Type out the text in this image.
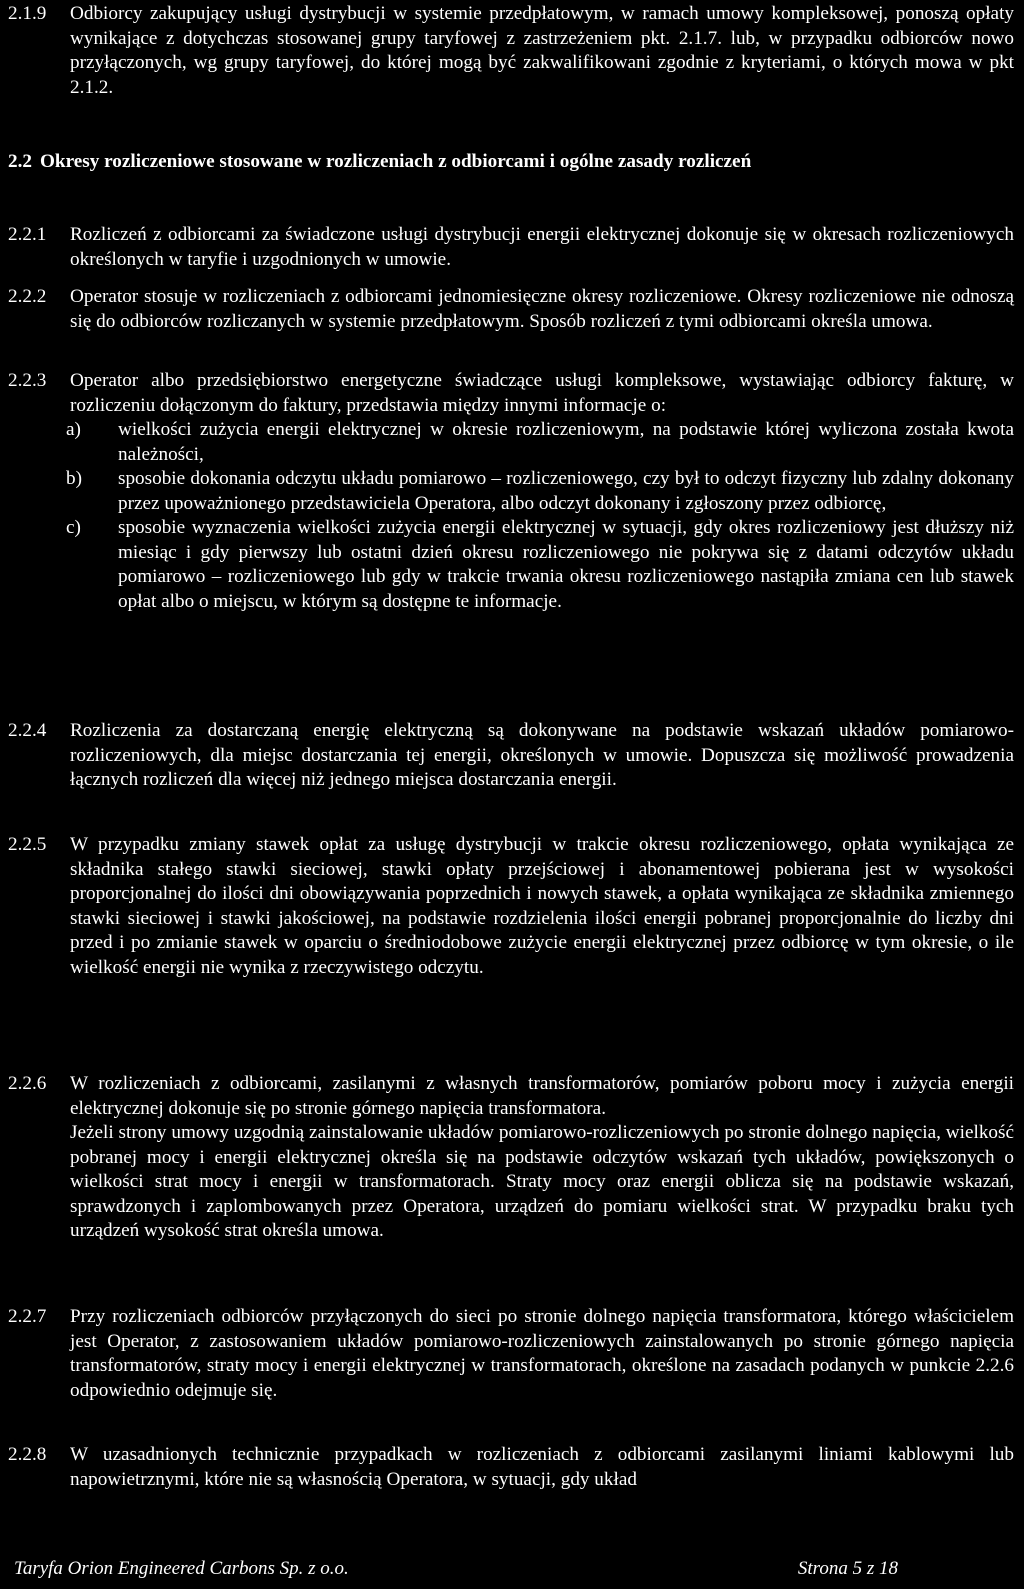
2.1.9 Odbiorcy zakupujący usługi dystrybucji w systemie przedpłatowym, w ramach umowy kompleksowej, ponoszą opłaty wynikające z dotychczas stosowanej grupy taryfowej z zastrzeżeniem pkt. 2.1.7. lub, w przypadku odbiorców nowo przyłączonych, wg grupy taryfowej, do której mogą być zakwalifikowani zgodnie z kryteriami, o których mowa w pkt 2.1.2.
2.2 Okresy rozliczeniowe stosowane w rozliczeniach z odbiorcami i ogólne zasady rozliczeń
2.2.1 Rozliczeń z odbiorcami za świadczone usługi dystrybucji energii elektrycznej dokonuje się w okresach rozliczeniowych określonych w taryfie i uzgodnionych w umowie.
2.2.2 Operator stosuje w rozliczeniach z odbiorcami jednomiesięczne okresy rozliczeniowe. Okresy rozliczeniowe nie odnoszą się do odbiorców rozliczanych w systemie przedpłatowym. Sposób rozliczeń z tymi odbiorcami określa umowa.
2.2.3 Operator albo przedsiębiorstwo energetyczne świadczące usługi kompleksowe, wystawiając odbiorcy fakturę, w rozliczeniu dołączonym do faktury, przedstawia między innymi informacje o:
a) wielkości zużycia energii elektrycznej w okresie rozliczeniowym, na podstawie której wyliczona została kwota należności,
b) sposobie dokonania odczytu układu pomiarowo – rozliczeniowego, czy był to odczyt fizyczny lub zdalny dokonany przez upoważnionego przedstawiciela Operatora, albo odczyt dokonany i zgłoszony przez odbiorcę,
c) sposobie wyznaczenia wielkości zużycia energii elektrycznej w sytuacji, gdy okres rozliczeniowy jest dłuższy niż miesiąc i gdy pierwszy lub ostatni dzień okresu rozliczeniowego nie pokrywa się z datami odczytów układu pomiarowo – rozliczeniowego lub gdy w trakcie trwania okresu rozliczeniowego nastąpiła zmiana cen lub stawek opłat albo o miejscu, w którym są dostępne te informacje.
2.2.4 Rozliczenia za dostarczaną energię elektryczną są dokonywane na podstawie wskazań układów pomiarowo-rozliczeniowych, dla miejsc dostarczania tej energii, określonych w umowie. Dopuszcza się możliwość prowadzenia łącznych rozliczeń dla więcej niż jednego miejsca dostarczania energii.
2.2.5 W przypadku zmiany stawek opłat za usługę dystrybucji w trakcie okresu rozliczeniowego, opłata wynikająca ze składnika stałego stawki sieciowej, stawki opłaty przejściowej i abonamentowej pobierana jest w wysokości proporcjonalnej do ilości dni obowiązywania poprzednich i nowych stawek, a opłata wynikająca ze składnika zmiennego stawki sieciowej i stawki jakościowej, na podstawie rozdzielenia ilości energii pobranej proporcjonalnie do liczby dni przed i po zmianie stawek w oparciu o średniodobowe zużycie energii elektrycznej przez odbiorcę w tym okresie, o ile wielkość energii nie wynika z rzeczywistego odczytu.
2.2.6 W rozliczeniach z odbiorcami, zasilanymi z własnych transformatorów, pomiarów poboru mocy i zużycia energii elektrycznej dokonuje się po stronie górnego napięcia transformatora.
Jeżeli strony umowy uzgodnią zainstalowanie układów pomiarowo-rozliczeniowych po stronie dolnego napięcia, wielkość pobranej mocy i energii elektrycznej określa się na podstawie odczytów wskazań tych układów, powiększonych o wielkości strat mocy i energii w transformatorach. Straty mocy oraz energii oblicza się na podstawie wskazań, sprawdzonych i zaplombowanych przez Operatora, urządzeń do pomiaru wielkości strat. W przypadku braku tych urządzeń wysokość strat określa umowa.
2.2.7 Przy rozliczeniach odbiorców przyłączonych do sieci po stronie dolnego napięcia transformatora, którego właścicielem jest Operator, z zastosowaniem układów pomiarowo-rozliczeniowych zainstalowanych po stronie górnego napięcia transformatorów, straty mocy i energii elektrycznej w transformatorach, określone na zasadach podanych w punkcie 2.2.6 odpowiednio odejmuje się.
2.2.8 W uzasadnionych technicznie przypadkach w rozliczeniach z odbiorcami zasilanymi liniami kablowymi lub napowietrznymi, które nie są własnością Operatora, w sytuacji, gdy układ
Taryfa Orion Engineered Carbons Sp. z o.o.	Strona 5 z 18
